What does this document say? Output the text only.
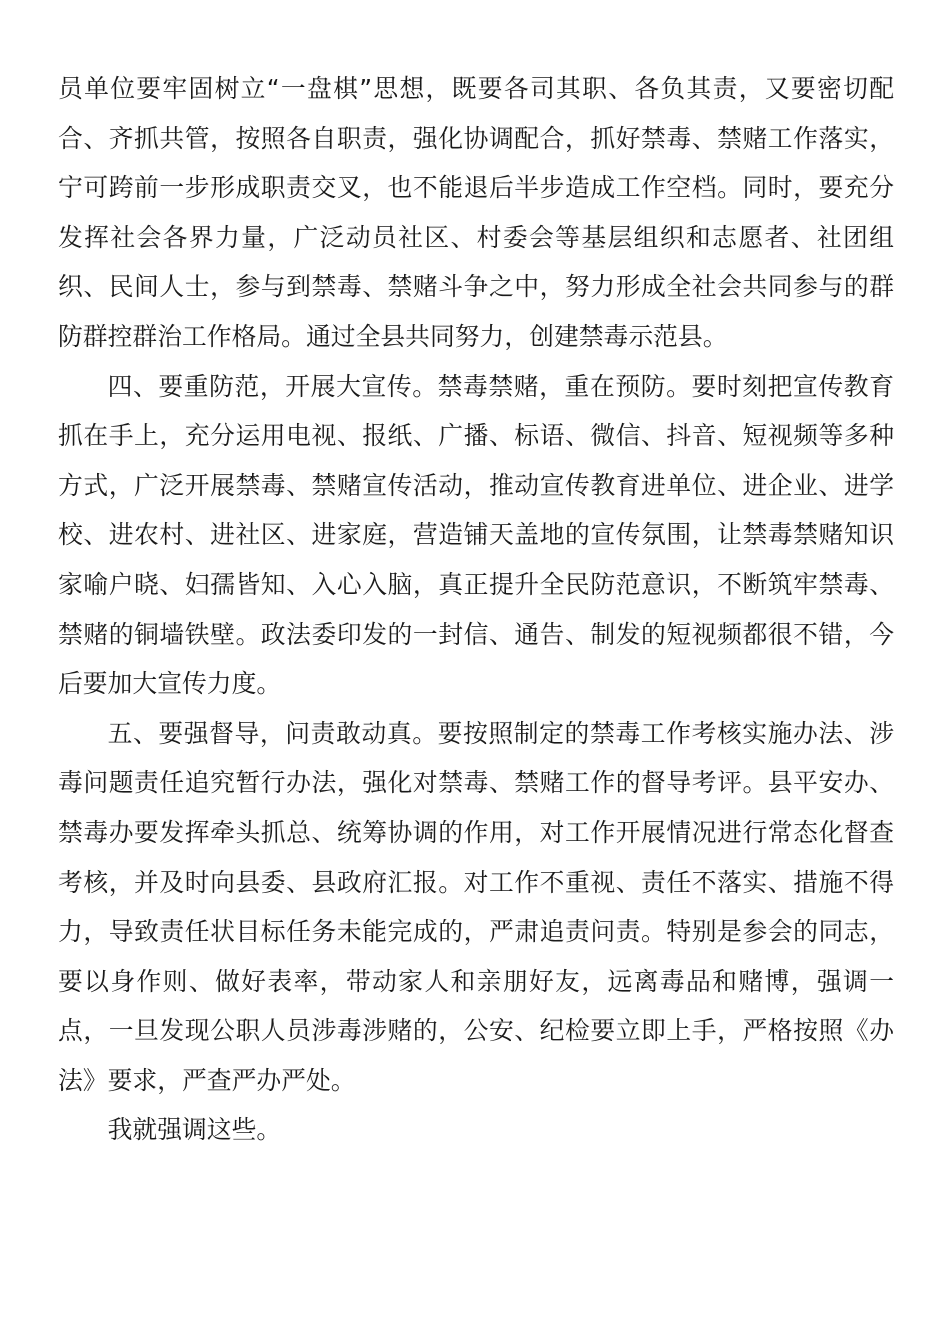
员单位要牢固树立“一盘棋”思想，既要各司其职、各负其责，又要密切配合、齐抓共管，按照各自职责，强化协调配合，抓好禁毒、禁赌工作落实，宁可跨前一步形成职责交叉，也不能退后半步造成工作空档。同时，要充分发挥社会各界力量，广泛动员社区、村委会等基层组织和志愿者、社团组织、民间人士，参与到禁毒、禁赌斗争之中，努力形成全社会共同参与的群防群控群治工作格局。通过全县共同努力，创建禁毒示范县。

四、要重防范，开展大宣传。禁毒禁赌，重在预防。要时刻把宣传教育抓在手上，充分运用电视、报纸、广播、标语、微信、抖音、短视频等多种方式，广泛开展禁毒、禁赌宣传活动，推动宣传教育进单位、进企业、进学校、进农村、进社区、进家庭，营造铺天盖地的宣传氛围，让禁毒禁赌知识家喻户晓、妇孺皆知、入心入脑，真正提升全民防范意识，不断筑牢禁毒、禁赌的铜墙铁壁。政法委印发的一封信、通告、制发的短视频都很不错，今后要加大宣传力度。

五、要强督导，问责敢动真。要按照制定的禁毒工作考核实施办法、涉毒问题责任追究暂行办法，强化对禁毒、禁赌工作的督导考评。县平安办、禁毒办要发挥牵头抓总、统筹协调的作用，对工作开展情况进行常态化督查考核，并及时向县委、县政府汇报。对工作不重视、责任不落实、措施不得力，导致责任状目标任务未能完成的，严肃追责问责。特别是参会的同志，要以身作则、做好表率，带动家人和亲朋好友，远离毒品和赌博，强调一点，一旦发现公职人员涉毒涉赌的，公安、纪检要立即上手，严格按照《办法》要求，严查严办严处。

我就强调这些。
